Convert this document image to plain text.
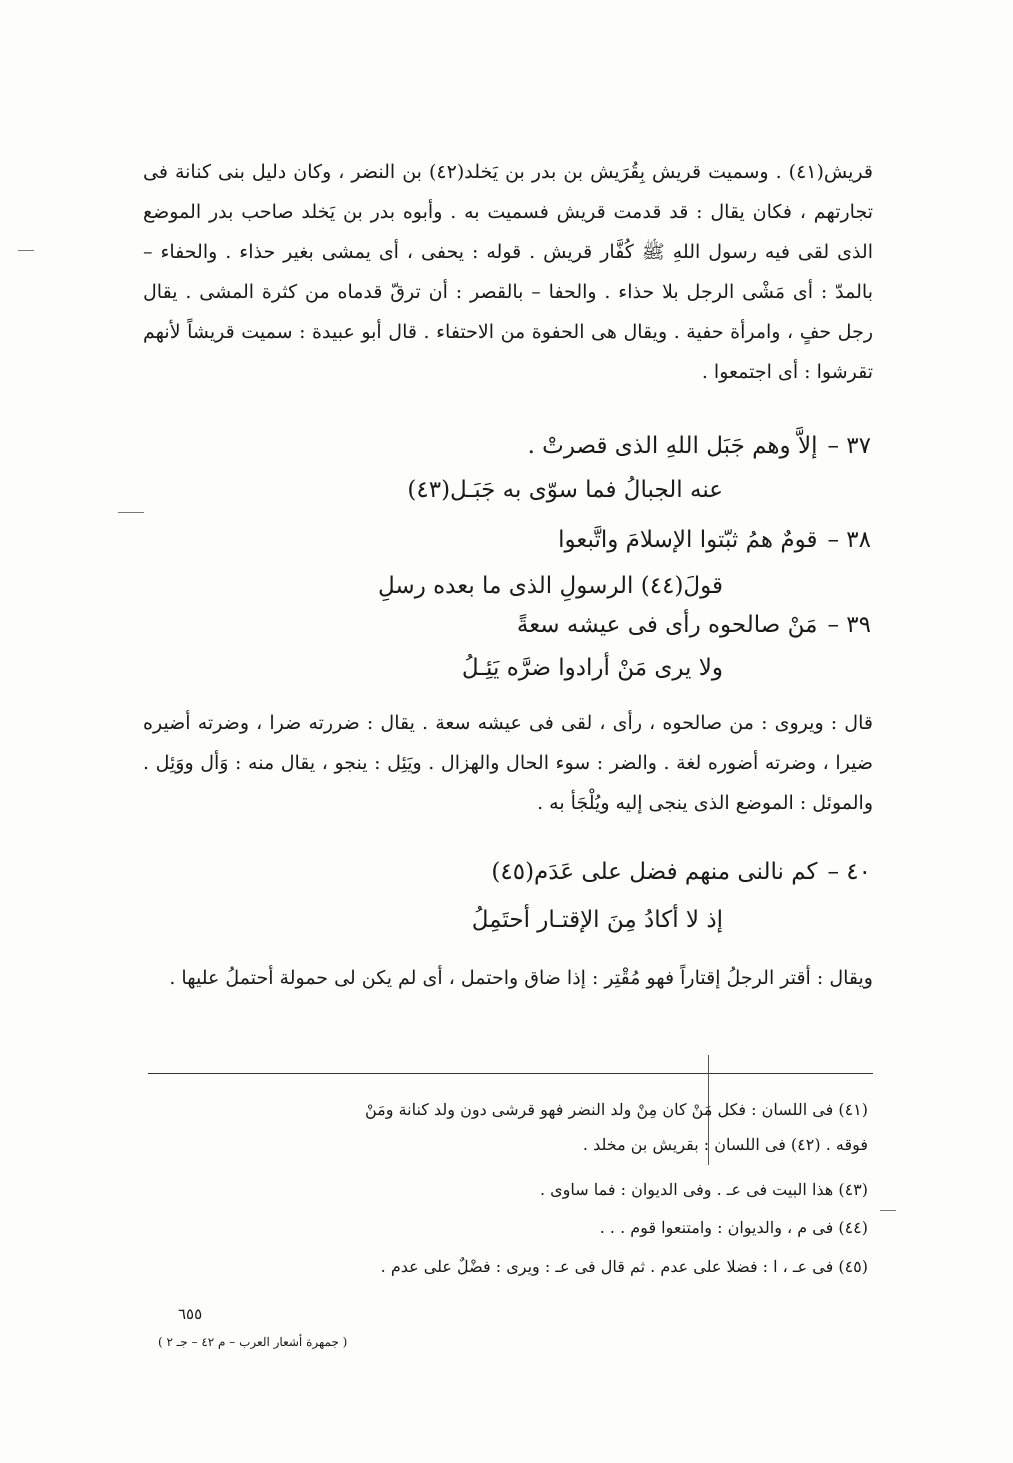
قريش(٤١) . وسميت قريش بِقُرَيش بن بدر بن يَخلد(٤٢) بن النضر ، وكان دليل بنى كنانة فى تجارتهم ، فكان يقال : قد قدمت قريش فسميت به . وأبوه بدر بن يَخلد صاحب بدر الموضع الذى لقى فيه رسول اللهِ ﷺ كُفَّار قريش . قوله : يحفى ، أى يمشى بغير حذاء . والحفاء – بالمدّ : أى مَشْى الرجل بلا حذاء . والحفا – بالقصر : أن ترقّ قدماه من كثرة المشى . يقال رجل حفٍ ، وامرأة حفية . ويقال هى الحفوة من الاحتفاء . قال أبو عبيدة : سميت قريشاً لأنهم تقرشوا : أى اجتمعوا .

٣٧ –إلاَّ وهم جَبَل اللهِ الذى قصرتْ .
عنه الجبالُ فما سوّى به جَبَـل(٤٣)
٣٨ –قومٌ همُ ثبّتوا الإسلامَ واتَّبعوا
قولَ(٤٤) الرسولِ الذى ما بعده رسلِ
٣٩ –مَنْ صالحوه رأى فى عيشه سعةً
ولا يرى مَنْ أرادوا ضرَّه يَئِـلُ

قال : ويروى : من صالحوه ، رأى ، لقى فى عيشه سعة . يقال : ضررته ضرا ، وضرته أضيره ضيرا ، وضرته أضوره لغة . والضر : سوء الحال والهزال . ويَئِل : ينجو ، يقال منه : وَأل ووَئِل . والموئل : الموضع الذى ينجى إليه ويُلْجَأ به .

٤٠ –كم نالنى منهم فضل على عَدَم(٤٥)
إذ لا أكادُ مِنَ الإقتـار أحتَمِلُ

ويقال : أقتر الرجلُ إقتاراً فهو مُقْتِر : إذا ضاق واحتمل ، أى لم يكن لى حمولة أحتملُ عليها .

(٤١) فى اللسان : فكل مَنْ كان مِنْ ولد النضر فهو قرشى دون ولد كنانة ومَنْ
فوقه . (٤٢) فى اللسان : بقريش بن مخلد .
(٤٣) هذا البيت فى عـ . وفى الديوان : فما ساوى .
(٤٤) فى م ، والديوان : وامتنعوا قوم . . .
(٤٥) فى عـ ، ا : فضلا على عدم . ثم قال فى عـ : ويرى : فضْلٌ على عدم .
٦٥٥
( جمهرة أشعار العرب – م ٤٢ – جـ ٢ )
